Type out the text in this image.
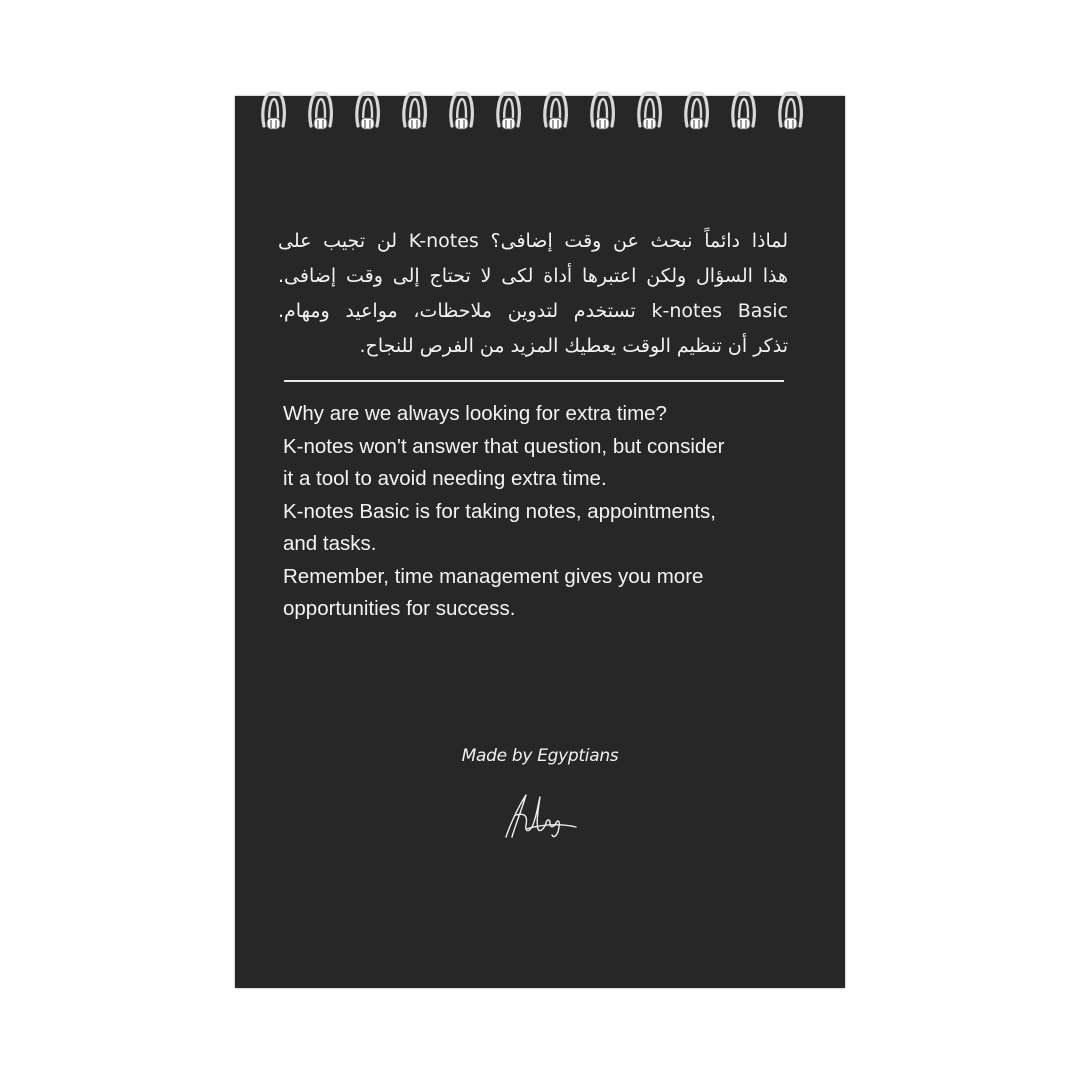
لماذا دائماً نبحث عن وقت إضافى؟ K-notes لن تجيب على
هذا السؤال ولكن اعتبرها أداة لكى لا تحتاج إلى وقت إضافى.
k-notes Basic تستخدم لتدوين ملاحظات، مواعيد ومهام.
تذكر أن تنظيم الوقت يعطيك المزيد من الفرص للنجاح.
Why are we always looking for extra time?
K-notes won't answer that question, but consider
it a tool to avoid needing extra time.
K-notes Basic is for taking notes, appointments,
and tasks.
Remember, time management gives you more
opportunities for success.
Made by Egyptians
